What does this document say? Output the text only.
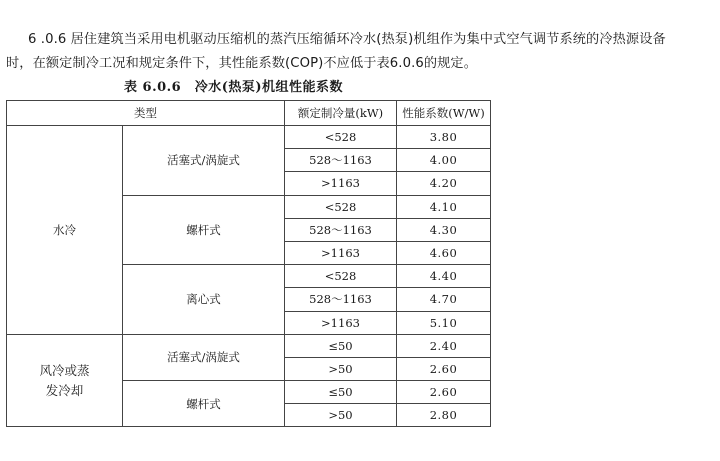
6 .0.6 居住建筑当采用电机驱动压缩机的蒸汽压缩循环冷水(热泵)机组作为集中式空气调节系统的冷热源设备
时，在额定制冷工况和规定条件下，其性能系数(COP)不应低于表6.0.6的规定。

表 6.0.6　冷水(热泵)机组性能系数
类型		额定制冷量(kW)	性能系数(W/W)
水冷	活塞式/涡旋式	<528	3.80
		528～1163	4.00
		>1163	4.20
	螺杆式	<528	4.10
		528～1163	4.30
		>1163	4.60
	离心式	<528	4.40
		528～1163	4.70
		>1163	5.10
风冷或蒸
发冷却	活塞式/涡旋式	≤50	2.40
		>50	2.60
	螺杆式	≤50	2.60
		>50	2.80
